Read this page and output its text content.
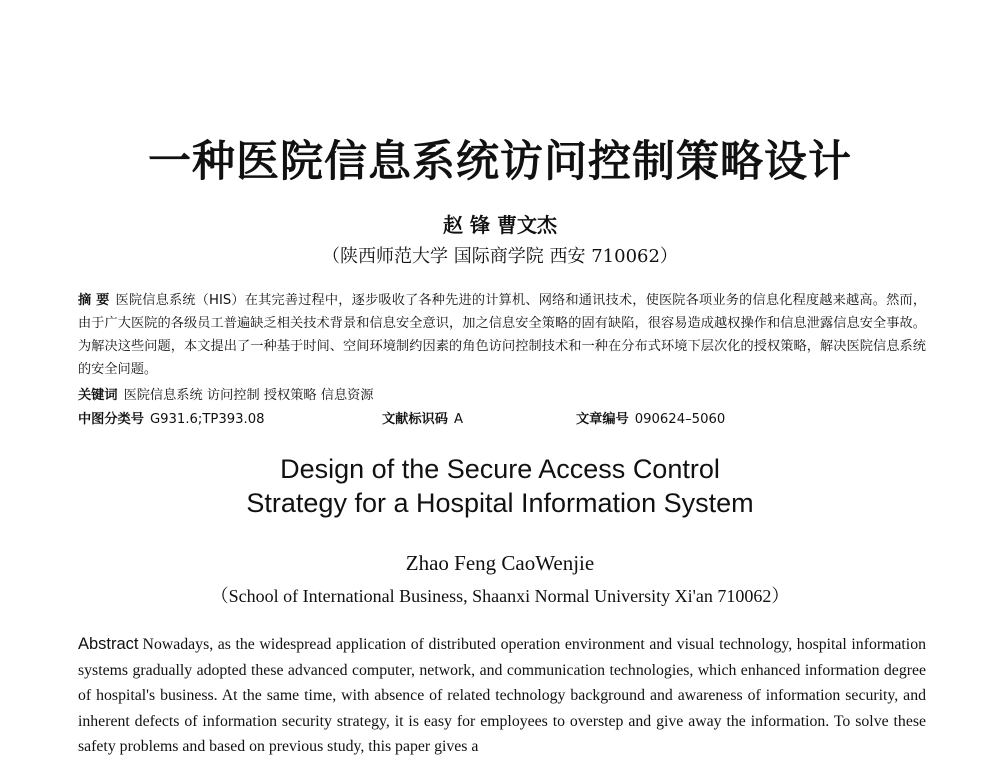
一种医院信息系统访问控制策略设计
赵 锋 曹文杰
（陕西师范大学 国际商学院 西安 710062）
摘 要 医院信息系统（HIS）在其完善过程中，逐步吸收了各种先进的计算机、网络和通讯技术，使医院各项业务的信息化程度越来越高。然而，由于广大医院的各级员工普遍缺乏相关技术背景和信息安全意识，加之信息安全策略的固有缺陷，很容易造成越权操作和信息泄露信息安全事故。为解决这些问题，本文提出了一种基于时间、空间环境制约因素的角色访问控制技术和一种在分布式环境下层次化的授权策略，解决医院信息系统的安全问题。
关键词 医院信息系统 访问控制 授权策略 信息资源
中图分类号 G931.6;TP393.08	文献标识码 A	文章编号 090624–5060
Design of the Secure Access Control
Strategy for a Hospital Information System
Zhao Feng CaoWenjie
（School of International Business, Shaanxi Normal University Xi'an 710062）
Abstract Nowadays, as the widespread application of distributed operation environment and visual technology, hospital information systems gradually adopted these advanced computer, network, and communication technologies, which enhanced information degree of hospital's business. At the same time, with absence of related technology background and awareness of information security, and inherent defects of information security strategy, it is easy for employees to overstep and give away the information. To solve these safety problems and based on previous study, this paper gives a
